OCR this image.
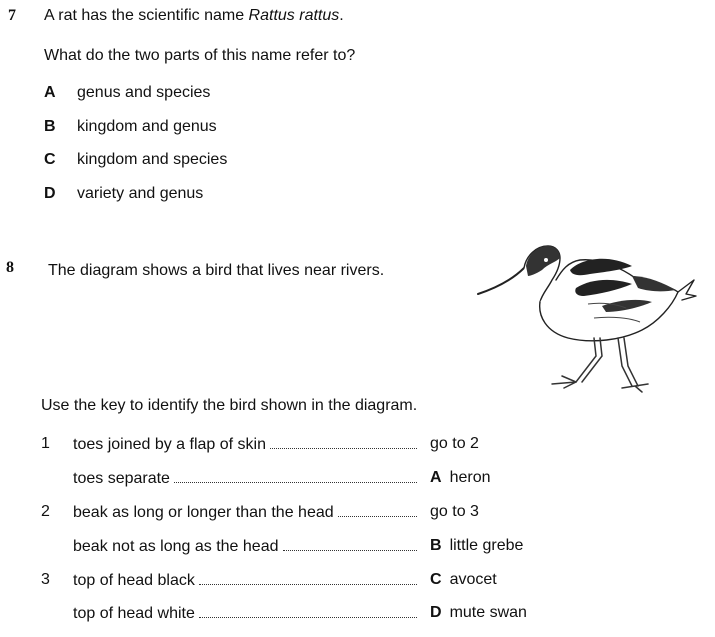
7 A rat has the scientific name Rattus rattus.
What do the two parts of this name refer to?
A genus and species
B kingdom and genus
C kingdom and species
D variety and genus
8 The diagram shows a bird that lives near rivers.
Use the key to identify the bird shown in the diagram.
1 toes joined by a flap of skin	go to 2
toes separate	A heron
2 beak as long or longer than the head	go to 3
beak not as long as the head	B little grebe
3 top of head black	C avocet
top of head white	D mute swan
